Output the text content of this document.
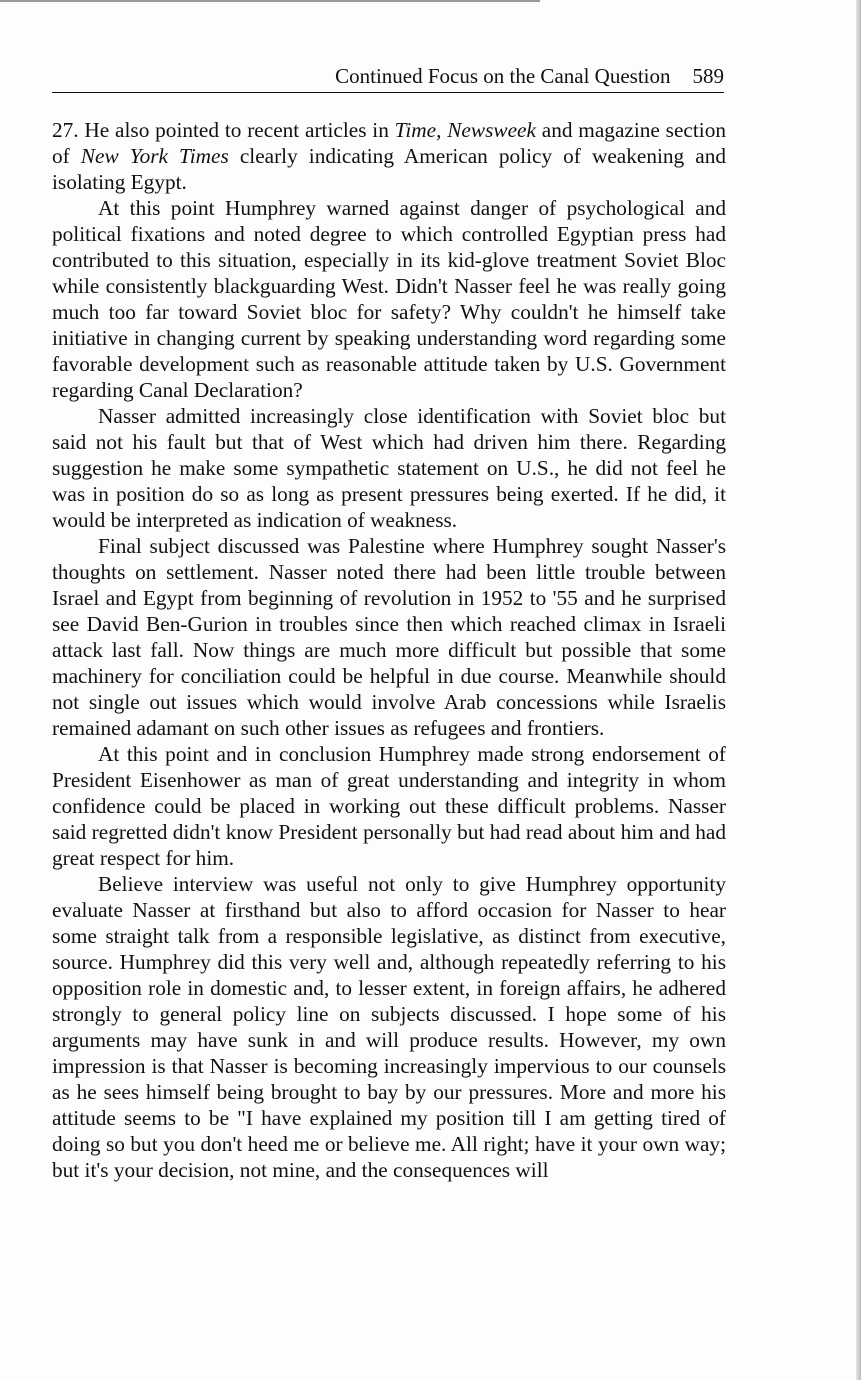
Continued Focus on the Canal Question 589

27. He also pointed to recent articles in Time, Newsweek and magazine section of New York Times clearly indicating American policy of weakening and isolating Egypt.

At this point Humphrey warned against danger of psychological and political fixations and noted degree to which controlled Egyptian press had contributed to this situation, especially in its kid-glove treatment Soviet Bloc while consistently blackguarding West. Didn't Nasser feel he was really going much too far toward Soviet bloc for safety? Why couldn't he himself take initiative in changing current by speaking understanding word regarding some favorable development such as reasonable attitude taken by U.S. Government regarding Canal Declaration?

Nasser admitted increasingly close identification with Soviet bloc but said not his fault but that of West which had driven him there. Regarding suggestion he make some sympathetic statement on U.S., he did not feel he was in position do so as long as present pressures being exerted. If he did, it would be interpreted as indication of weakness.

Final subject discussed was Palestine where Humphrey sought Nasser's thoughts on settlement. Nasser noted there had been little trouble between Israel and Egypt from beginning of revolution in 1952 to '55 and he surprised see David Ben-Gurion in troubles since then which reached climax in Israeli attack last fall. Now things are much more difficult but possible that some machinery for conciliation could be helpful in due course. Meanwhile should not single out issues which would involve Arab concessions while Israelis remained adamant on such other issues as refugees and frontiers.

At this point and in conclusion Humphrey made strong endorsement of President Eisenhower as man of great understanding and integrity in whom confidence could be placed in working out these difficult problems. Nasser said regretted didn't know President personally but had read about him and had great respect for him.

Believe interview was useful not only to give Humphrey opportunity evaluate Nasser at firsthand but also to afford occasion for Nasser to hear some straight talk from a responsible legislative, as distinct from executive, source. Humphrey did this very well and, although repeatedly referring to his opposition role in domestic and, to lesser extent, in foreign affairs, he adhered strongly to general policy line on subjects discussed. I hope some of his arguments may have sunk in and will produce results. However, my own impression is that Nasser is becoming increasingly impervious to our counsels as he sees himself being brought to bay by our pressures. More and more his attitude seems to be "I have explained my position till I am getting tired of doing so but you don't heed me or believe me. All right; have it your own way; but it's your decision, not mine, and the consequences will
